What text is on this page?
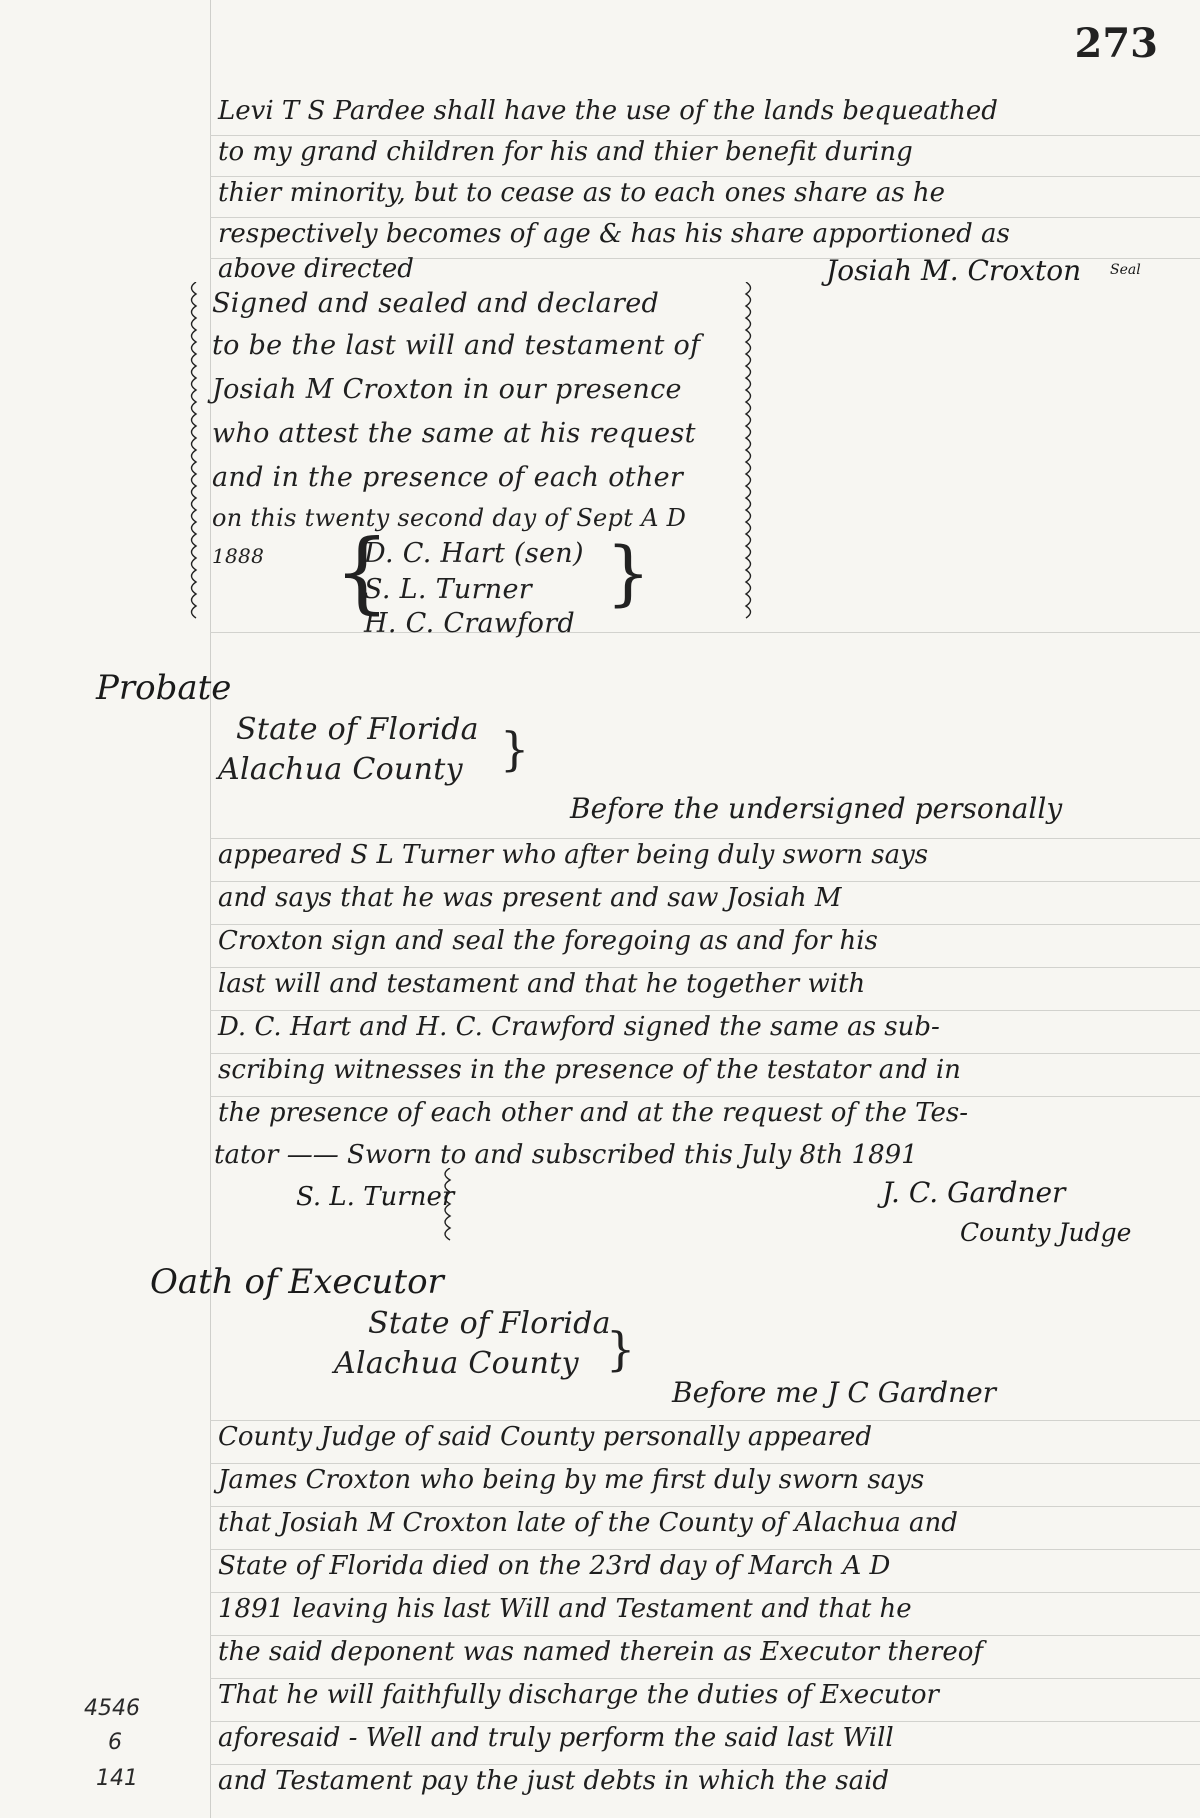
273
Levi T S Pardee shall have the use of the lands bequeathed
to my grand children for his and thier benefit during
thier minority, but to cease as to each ones share as he
respectively becomes of age & has his share apportioned as
above directed	Josiah M. Croxton Seal
Signed and sealed and declared
to be the last will and testament of
Josiah M Croxton in our presence
who attest the same at his request
and in the presence of each other
on this twenty second day of Sept A D
1888 {	}
D. C. Hart (sen)
S. L. Turner
H. C. Crawford
Probate
State of Florida
Alachua County }
Before the undersigned personally
appeared S L Turner who after being duly sworn says
and says that he was present and saw Josiah M
Croxton sign and seal the foregoing as and for his
last will and testament and that he together with
D. C. Hart and H. C. Crawford signed the same as sub-
scribing witnesses in the presence of the testator and in
the presence of each other and at the request of the Tes-
tator —— Sworn to and subscribed this July 8th 1891
S. L. Turner	J. C. Gardner
County Judge
Oath of Executor
State of Florida
Alachua County }
Before me J C Gardner
County Judge of said County personally appeared
James Croxton who being by me first duly sworn says
that Josiah M Croxton late of the County of Alachua and
State of Florida died on the 23rd day of March A D
1891 leaving his last Will and Testament and that he
the said deponent was named therein as Executor thereof
That he will faithfully discharge the duties of Executor
aforesaid - Well and truly perform the said last Will
and Testament pay the just debts in which the said
4546
6
141
